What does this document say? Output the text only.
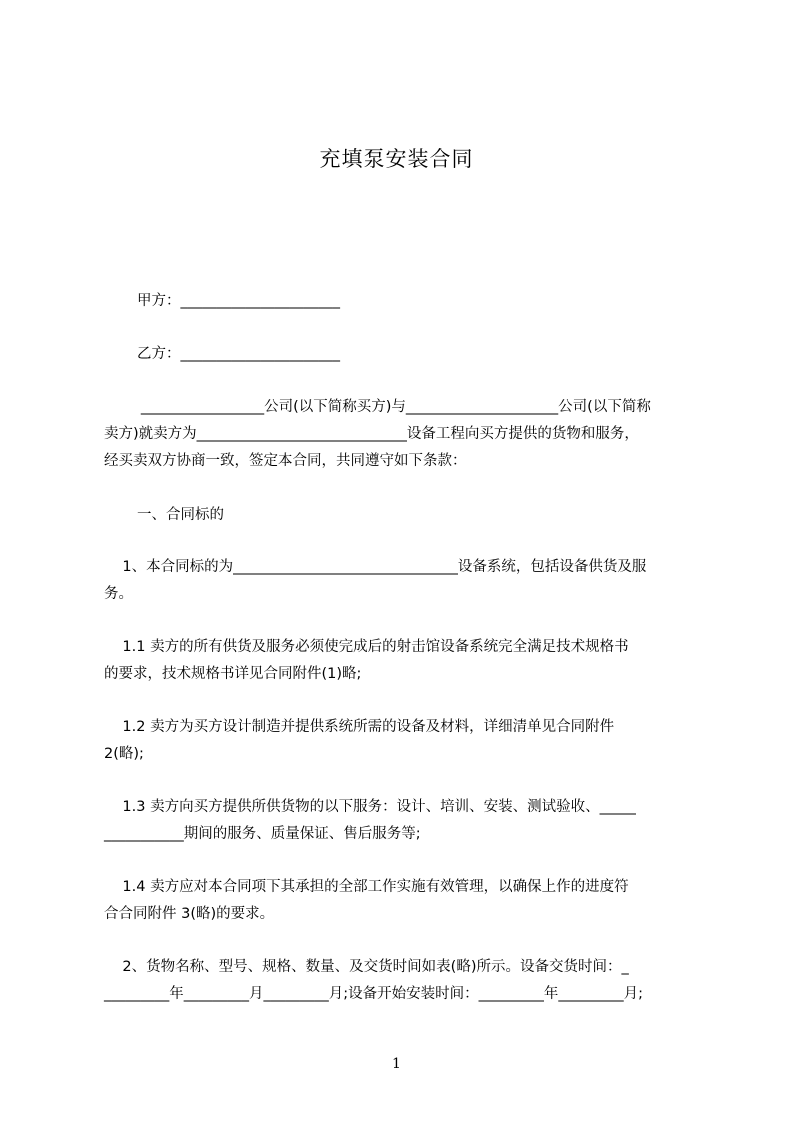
充填泵安装合同
甲方：______________________
乙方：______________________
_________________公司(以下简称买方)与_____________________公司(以下简称
卖方)就卖方为_____________________________设备工程向买方提供的货物和服务，
经买卖双方协商一致，签定本合同，共同遵守如下条款：
一、合同标的
1、本合同标的为_______________________________设备系统，包括设备供货及服
务。
1.1 卖方的所有供货及服务必须使完成后的射击馆设备系统完全满足技术规格书
的要求，技术规格书详见合同附件(1)略;
1.2 卖方为买方设计制造并提供系统所需的设备及材料，详细清单见合同附件
2(略);
1.3 卖方向买方提供所供货物的以下服务：设计、培训、安装、测试验收、_____
___________期间的服务、质量保证、售后服务等;
1.4 卖方应对本合同项下其承担的全部工作实施有效管理，以确保上作的进度符
合合同附件 3(略)的要求。
2、货物名称、型号、规格、数量、及交货时间如表(略)所示。设备交货时间：_
_________年_________月_________月;设备开始安装时间：_________年_________月;
1
